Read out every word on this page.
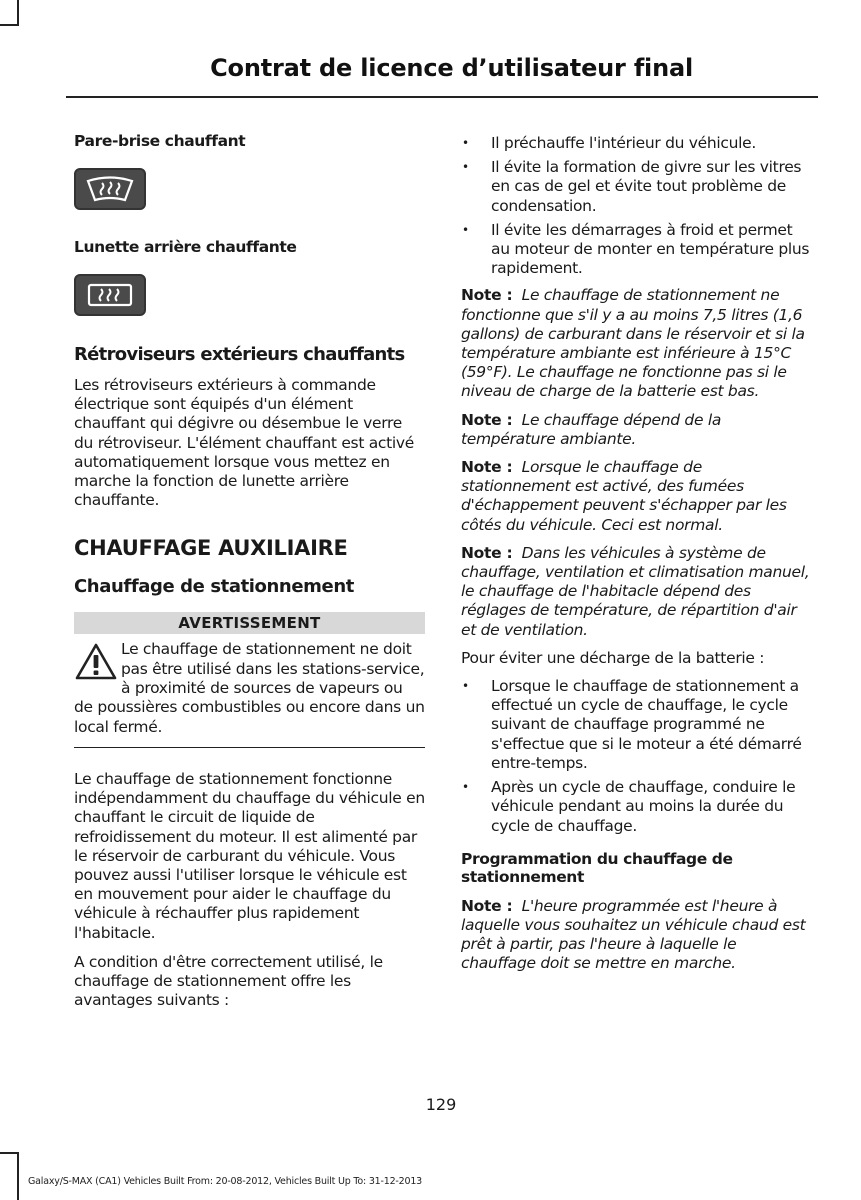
Contrat de licence d’utilisateur final
Pare-brise chauffant
Lunette arrière chauffante
Rétroviseurs extérieurs chauffants

Les rétroviseurs extérieurs à commande électrique sont équipés d'un élément chauffant qui dégivre ou désembue le verre du rétroviseur. L'élément chauffant est activé automatiquement lorsque vous mettez en marche la fonction de lunette arrière chauffante.

CHAUFFAGE AUXILIAIRE
Chauffage de stationnement
AVERTISSEMENT
Le chauffage de stationnement ne doit pas être utilisé dans les stations-service, à proximité de sources de vapeurs ou de poussières combustibles ou encore dans un local fermé.

Le chauffage de stationnement fonctionne indépendamment du chauffage du véhicule en chauffant le circuit de liquide de refroidissement du moteur. Il est alimenté par le réservoir de carburant du véhicule. Vous pouvez aussi l'utiliser lorsque le véhicule est en mouvement pour aider le chauffage du véhicule à réchauffer plus rapidement l'habitacle.

A condition d'être correctement utilisé, le chauffage de stationnement offre les avantages suivants :

• Il préchauffe l'intérieur du véhicule.
• Il évite la formation de givre sur les vitres en cas de gel et évite tout problème de condensation.
• Il évite les démarrages à froid et permet au moteur de monter en température plus rapidement.

Note : Le chauffage de stationnement ne fonctionne que s'il y a au moins 7,5 litres (1,6 gallons) de carburant dans le réservoir et si la température ambiante est inférieure à 15°C (59°F). Le chauffage ne fonctionne pas si le niveau de charge de la batterie est bas.

Note : Le chauffage dépend de la température ambiante.

Note : Lorsque le chauffage de stationnement est activé, des fumées d'échappement peuvent s'échapper par les côtés du véhicule. Ceci est normal.

Note : Dans les véhicules à système de chauffage, ventilation et climatisation manuel, le chauffage de l'habitacle dépend des réglages de température, de répartition d'air et de ventilation.

Pour éviter une décharge de la batterie :

• Lorsque le chauffage de stationnement a effectué un cycle de chauffage, le cycle suivant de chauffage programmé ne s'effectue que si le moteur a été démarré entre-temps.
• Après un cycle de chauffage, conduire le véhicule pendant au moins la durée du cycle de chauffage.
Programmation du chauffage de stationnement

Note : L'heure programmée est l'heure à laquelle vous souhaitez un véhicule chaud est prêt à partir, pas l'heure à laquelle le chauffage doit se mettre en marche.

129
Galaxy/S-MAX (CA1) Vehicles Built From: 20-08-2012, Vehicles Built Up To: 31-12-2013
